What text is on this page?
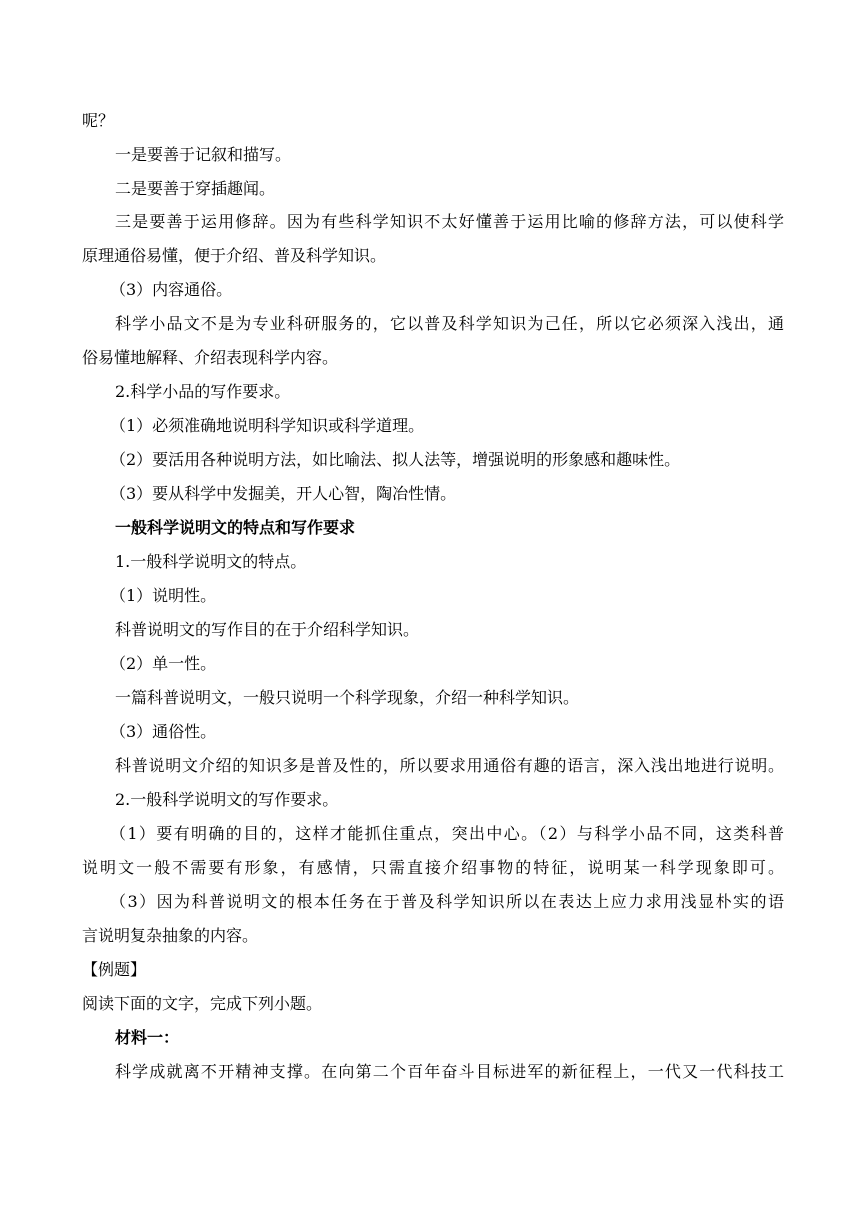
呢？
一是要善于记叙和描写。
二是要善于穿插趣闻。
三是要善于运用修辞。因为有些科学知识不太好懂善于运用比喻的修辞方法，可以使科学
原理通俗易懂，便于介绍、普及科学知识。
（3）内容通俗。
科学小品文不是为专业科研服务的，它以普及科学知识为己任，所以它必须深入浅出，通
俗易懂地解释、介绍表现科学内容。
2.科学小品的写作要求。
（1）必须准确地说明科学知识或科学道理。
（2）要活用各种说明方法，如比喻法、拟人法等，增强说明的形象感和趣味性。
（3）要从科学中发掘美，开人心智，陶冶性情。
一般科学说明文的特点和写作要求
1.一般科学说明文的特点。
（1）说明性。
科普说明文的写作目的在于介绍科学知识。
（2）单一性。
一篇科普说明文，一般只说明一个科学现象，介绍一种科学知识。
（3）通俗性。
科普说明文介绍的知识多是普及性的，所以要求用通俗有趣的语言，深入浅出地进行说明。
2.一般科学说明文的写作要求。
（1）要有明确的目的，这样才能抓住重点，突出中心。（2）与科学小品不同，这类科普
说明文一般不需要有形象，有感情，只需直接介绍事物的特征，说明某一科学现象即可。
（3）因为科普说明文的根本任务在于普及科学知识所以在表达上应力求用浅显朴实的语
言说明复杂抽象的内容。
【例题】
阅读下面的文字，完成下列小题。
材料一：
科学成就离不开精神支撑。在向第二个百年奋斗目标进军的新征程上，一代又一代科技工
